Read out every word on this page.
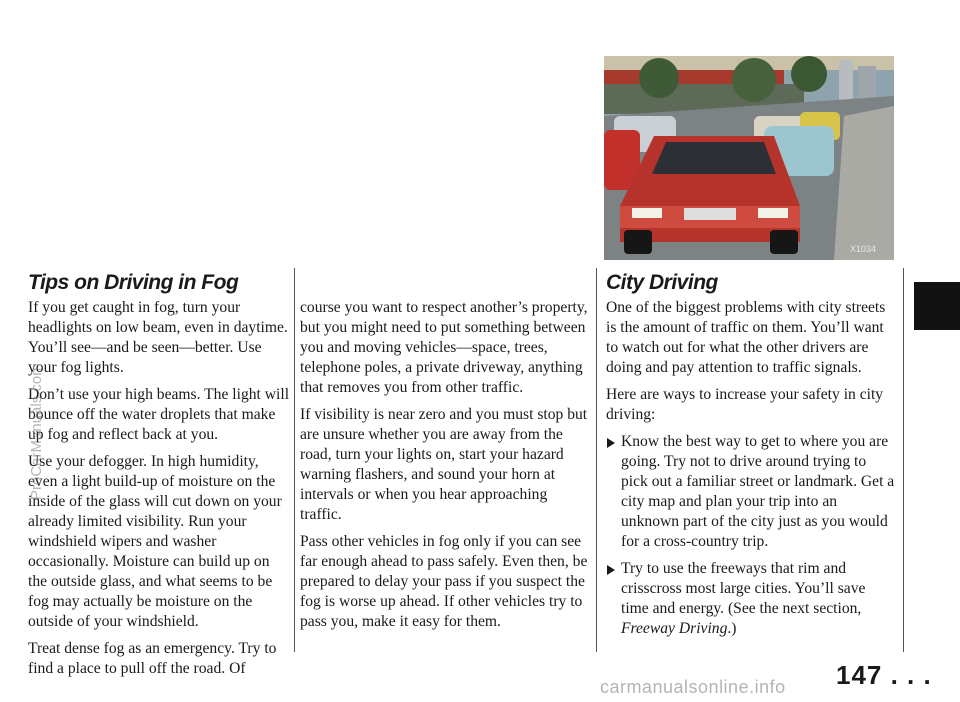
Tips on Driving in Fog

If you get caught in fog, turn your headlights on low beam, even in daytime. You’ll see—and be seen—better. Use your fog lights.

Don’t use your high beams. The light will bounce off the water droplets that make up fog and reflect back at you.

Use your defogger. In high humidity, even a light build-up of moisture on the inside of the glass will cut down on your already limited visibility. Run your windshield wipers and washer occasionally. Moisture can build up on the outside glass, and what seems to be fog may actually be moisture on the outside of your windshield.

Treat dense fog as an emergency. Try to find a place to pull off the road. Of

course you want to respect another’s property, but you might need to put something between you and moving vehicles—space, trees, telephone poles, a private driveway, anything that removes you from other traffic.

If visibility is near zero and you must stop but are unsure whether you are away from the road, turn your lights on, start your hazard warning flashers, and sound your horn at intervals or when you hear approaching traffic.

Pass other vehicles in fog only if you can see far enough ahead to pass safely. Even then, be prepared to delay your pass if you suspect the fog is worse up ahead. If other vehicles try to pass you, make it easy for them.

X1034
City Driving

One of the biggest problems with city streets is the amount of traffic on them. You’ll want to watch out for what the other drivers are doing and pay attention to traffic signals.

Here are ways to increase your safety in city driving:

Know the best way to get to where you are going. Try not to drive around trying to pick out a familiar street or landmark. Get a city map and plan your trip into an unknown part of the city just as you would for a cross-country trip.
Try to use the freeways that rim and crisscross most large cities. You’ll save time and energy. (See the next section, Freeway Driving.)
147 . . .
ProCarManuals.com
carmanualsonline.info
